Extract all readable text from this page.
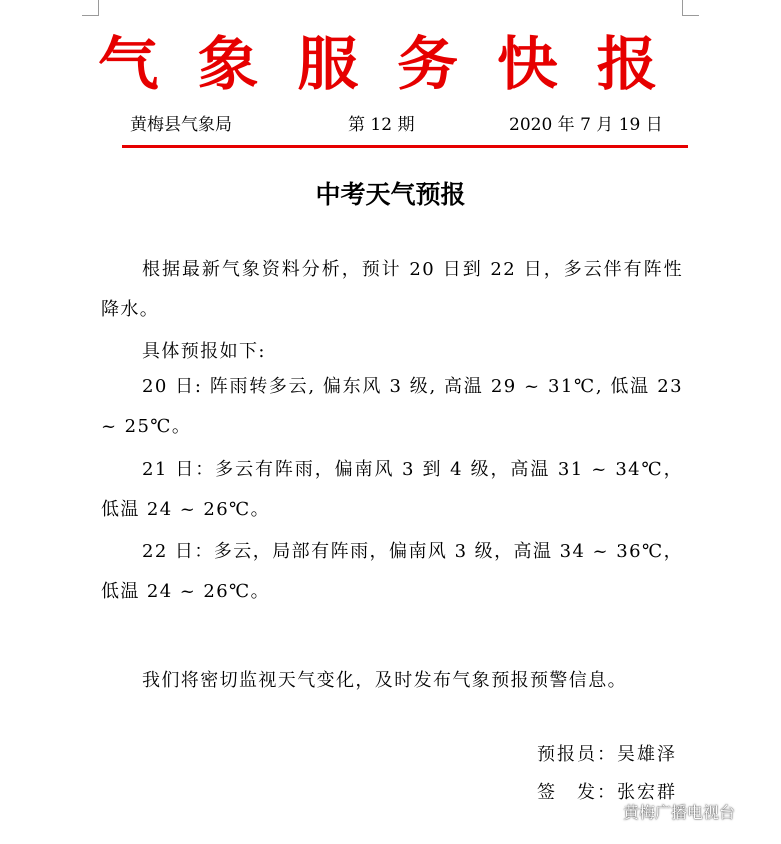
气象服务快报
黄梅县气象局	第 12 期	2020 年 7 月 19 日
中考天气预报

根据最新气象资料分析，预计 20 日到 22 日，多云伴有阵性降水。

具体预报如下:

20 日: 阵雨转多云, 偏东风 3 级, 高温 29 ~ 31℃, 低温 23 ~ 25℃。

21 日：多云有阵雨，偏南风 3 到 4 级，高温 31 ~ 34℃，低温 24 ~ 26℃。

22 日：多云，局部有阵雨，偏南风 3 级，高温 34 ~ 36℃，低温 24 ~ 26℃。

我们将密切监视天气变化，及时发布气象预报预警信息。

预报员：吴雄泽
签　发：张宏群
黄梅广播电视台
